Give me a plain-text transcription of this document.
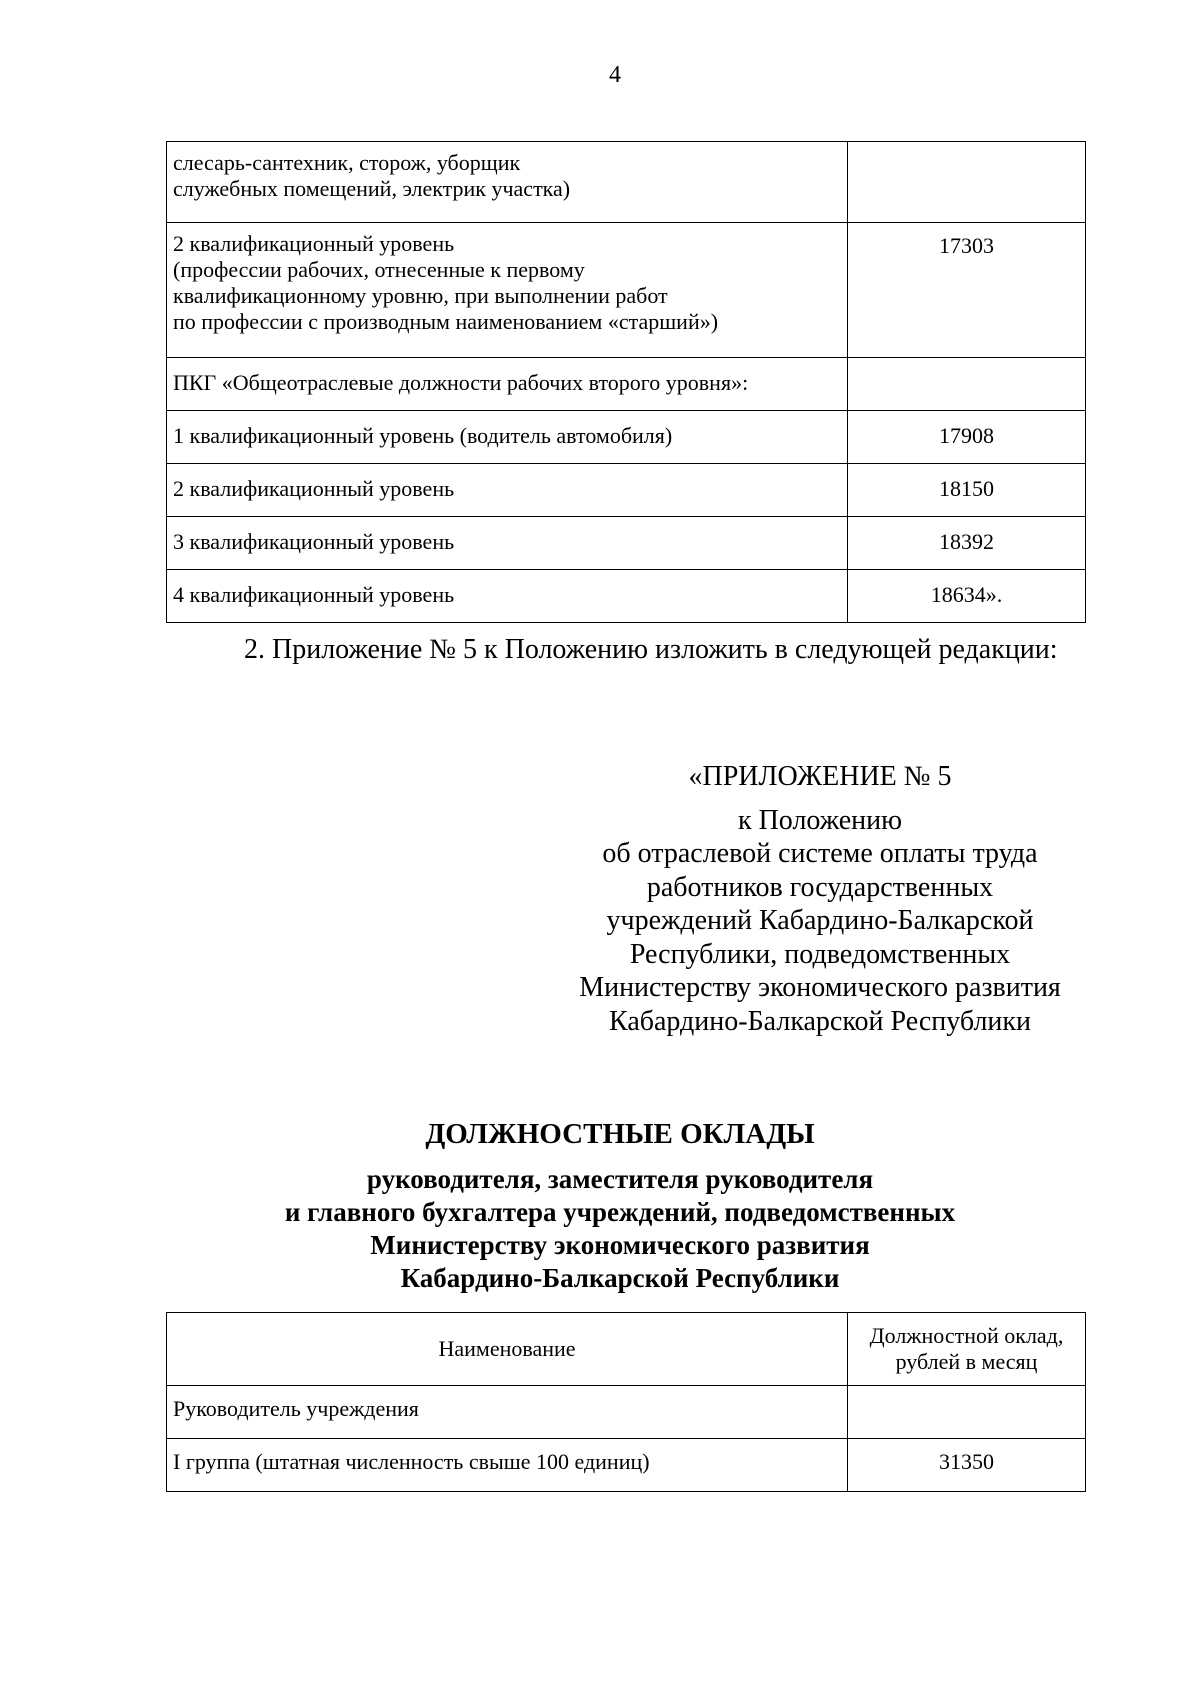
4
слесарь-сантехник, сторож, уборщик
служебных помещений, электрик участка)	

2 квалификационный уровень
(профессии рабочих, отнесенные к первому
квалификационному уровню, при выполнении работ
по профессии с производным наименованием «старший»)	17303
ПКГ «Общеотраслевые должности рабочих второго уровня»:	
1 квалификационный уровень (водитель автомобиля)	17908
2 квалификационный уровень	18150
3 квалификационный уровень	18392
4 квалификационный уровень	18634».
2. Приложение № 5 к Положению изложить в следующей редакции:
«ПРИЛОЖЕНИЕ № 5
к Положению
об отраслевой системе оплаты труда
работников государственных
учреждений Кабардино-Балкарской
Республики, подведомственных
Министерству экономического развития
Кабардино-Балкарской Республики
ДОЛЖНОСТНЫЕ ОКЛАДЫ
руководителя, заместителя руководителя
и главного бухгалтера учреждений, подведомственных
Министерству экономического развития
Кабардино-Балкарской Республики
Наименование	Должностной оклад,
рублей в месяц

Руководитель учреждения	
I группа (штатная численность свыше 100 единиц)	31350
